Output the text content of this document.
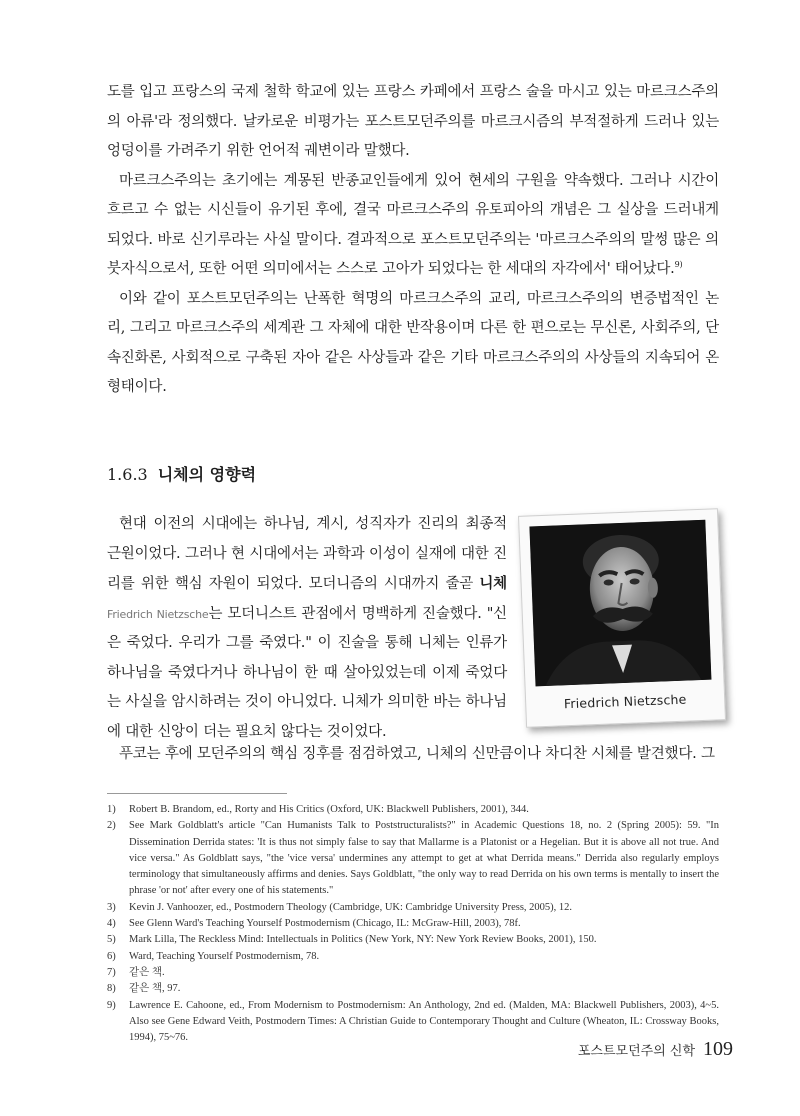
도를 입고 프랑스의 국제 철학 학교에 있는 프랑스 카페에서 프랑스 술을 마시고 있는 마르크스주의의 아류'라 정의했다. 날카로운 비평가는 포스트모던주의를 마르크시즘의 부적절하게 드러나 있는 엉덩이를 가려주기 위한 언어적 궤변이라 말했다.

마르크스주의는 초기에는 계몽된 반종교인들에게 있어 현세의 구원을 약속했다. 그러나 시간이 흐르고 수 없는 시신들이 유기된 후에, 결국 마르크스주의 유토피아의 개념은 그 실상을 드러내게 되었다. 바로 신기루라는 사실 말이다. 결과적으로 포스트모던주의는 '마르크스주의의 말썽 많은 의붓자식으로서, 또한 어떤 의미에서는 스스로 고아가 되었다는 한 세대의 자각에서' 태어났다.$^{9)}$

이와 같이 포스트모던주의는 난폭한 혁명의 마르크스주의 교리, 마르크스주의의 변증법적인 논리, 그리고 마르크스주의 세계관 그 자체에 대한 반작용이며 다른 한 편으로는 무신론, 사회주의, 단속진화론, 사회적으로 구축된 자아 같은 사상들과 같은 기타 마르크스주의의 사상들의 지속되어 온 형태이다.

1.6.3 니체의 영향력

현대 이전의 시대에는 하나님, 계시, 성직자가 진리의 최종적 근원이었다. 그러나 현 시대에서는 과학과 이성이 실재에 대한 진리를 위한 핵심 자원이 되었다. 모더니즘의 시대까지 줄곧 니체 Friedrich Nietzsche는 모더니스트 관점에서 명백하게 진술했다. "신은 죽었다. 우리가 그를 죽였다." 이 진술을 통해 니체는 인류가 하나님을 죽였다거나 하나님이 한 때 살아있었는데 이제 죽었다는 사실을 암시하려는 것이 아니었다. 니체가 의미한 바는 하나님에 대한 신앙이 더는 필요치 않다는 것이었다.

푸코는 후에 모던주의의 핵심 징후를 점검하였고, 니체의 신만큼이나 차디찬 시체를 발견했다. 그

Friedrich Nietzsche
1)	Robert B. Brandom, ed., Rorty and His Critics (Oxford, UK: Blackwell Publishers, 2001), 344.
2)	See Mark Goldblatt's article "Can Humanists Talk to Poststructuralists?" in Academic Questions 18, no. 2 (Spring 2005): 59. "In Dissemination Derrida states: 'It is thus not simply false to say that Mallarme is a Platonist or a Hegelian. But it is above all not true. And vice versa." As Goldblatt says, "the 'vice versa' undermines any attempt to get at what Derrida means." Derrida also regularly employs terminology that simultaneously affirms and denies. Says Goldblatt, "the only way to read Derrida on his own terms is mentally to insert the phrase 'or not' after every one of his statements."
3)	Kevin J. Vanhoozer, ed., Postmodern Theology (Cambridge, UK: Cambridge University Press, 2005), 12.
4)	See Glenn Ward's Teaching Yourself Postmodernism (Chicago, IL: McGraw-Hill, 2003), 78f.
5)	Mark Lilla, The Reckless Mind: Intellectuals in Politics (New York, NY: New York Review Books, 2001), 150.
6)	Ward, Teaching Yourself Postmodernism, 78.
7)	같은 책.
8)	같은 책, 97.
9)	Lawrence E. Cahoone, ed., From Modernism to Postmodernism: An Anthology, 2nd ed. (Malden, MA: Blackwell Publishers, 2003), 4~5. Also see Gene Edward Veith, Postmodern Times: A Christian Guide to Contemporary Thought and Culture (Wheaton, IL: Crossway Books, 1994), 75~76.
포스트모던주의 신학 109
